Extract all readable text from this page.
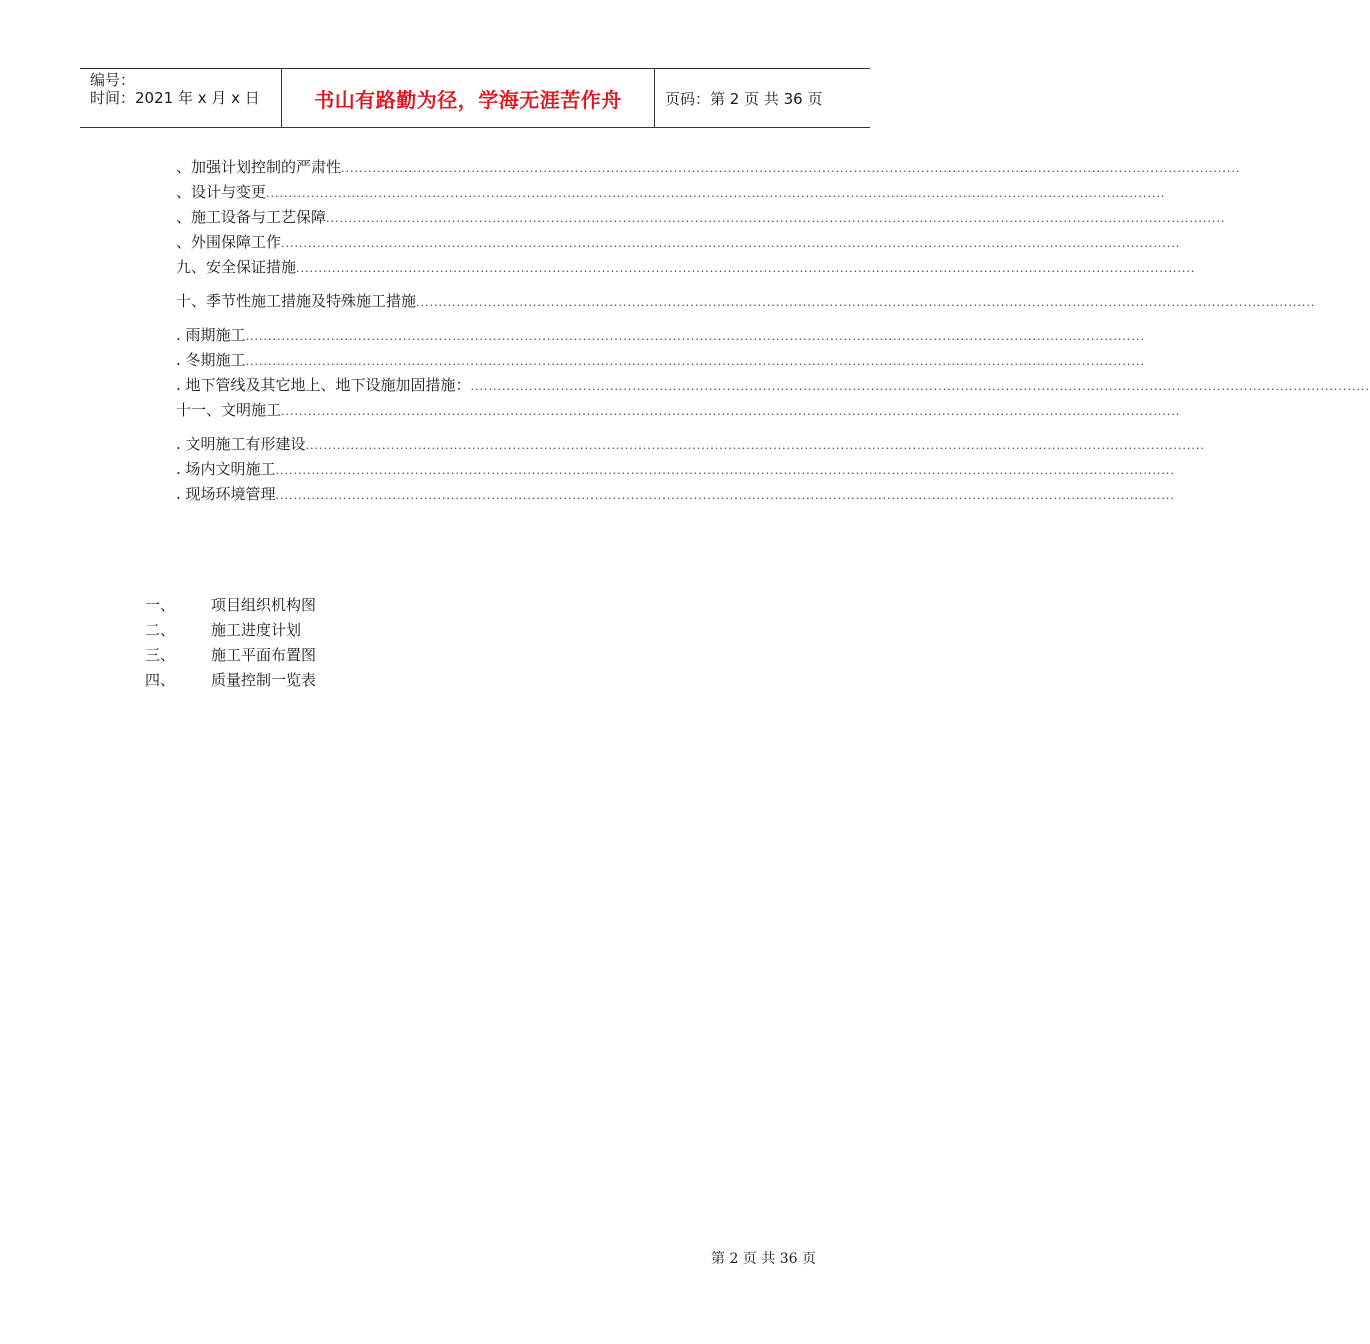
编号：
时间：2021 年 x 月 x 日	书山有路勤为径，学海无涯苦作舟	页码：第 2 页 共 36 页
、加强计划控制的严肃性 ........................................................................................................................................................................................................
、设计与变更 ........................................................................................................................................................................................................
、施工设备与工艺保障 ........................................................................................................................................................................................................
、外围保障工作 ........................................................................................................................................................................................................
九、安全保证措施 ........................................................................................................................................................................................................
十、季节性施工措施及特殊施工措施 ........................................................................................................................................................................................................
. 雨期施工 ........................................................................................................................................................................................................
. 冬期施工 ........................................................................................................................................................................................................
. 地下管线及其它地上、地下设施加固措施： ........................................................................................................................................................................................................
十一、文明施工 ........................................................................................................................................................................................................
. 文明施工有形建设 ........................................................................................................................................................................................................
. 场内文明施工 ........................................................................................................................................................................................................
. 现场环境管理 ........................................................................................................................................................................................................
一、 项目组织机构图
二、 施工进度计划
三、 施工平面布置图
四、 质量控制一览表
第 2 页 共 36 页
